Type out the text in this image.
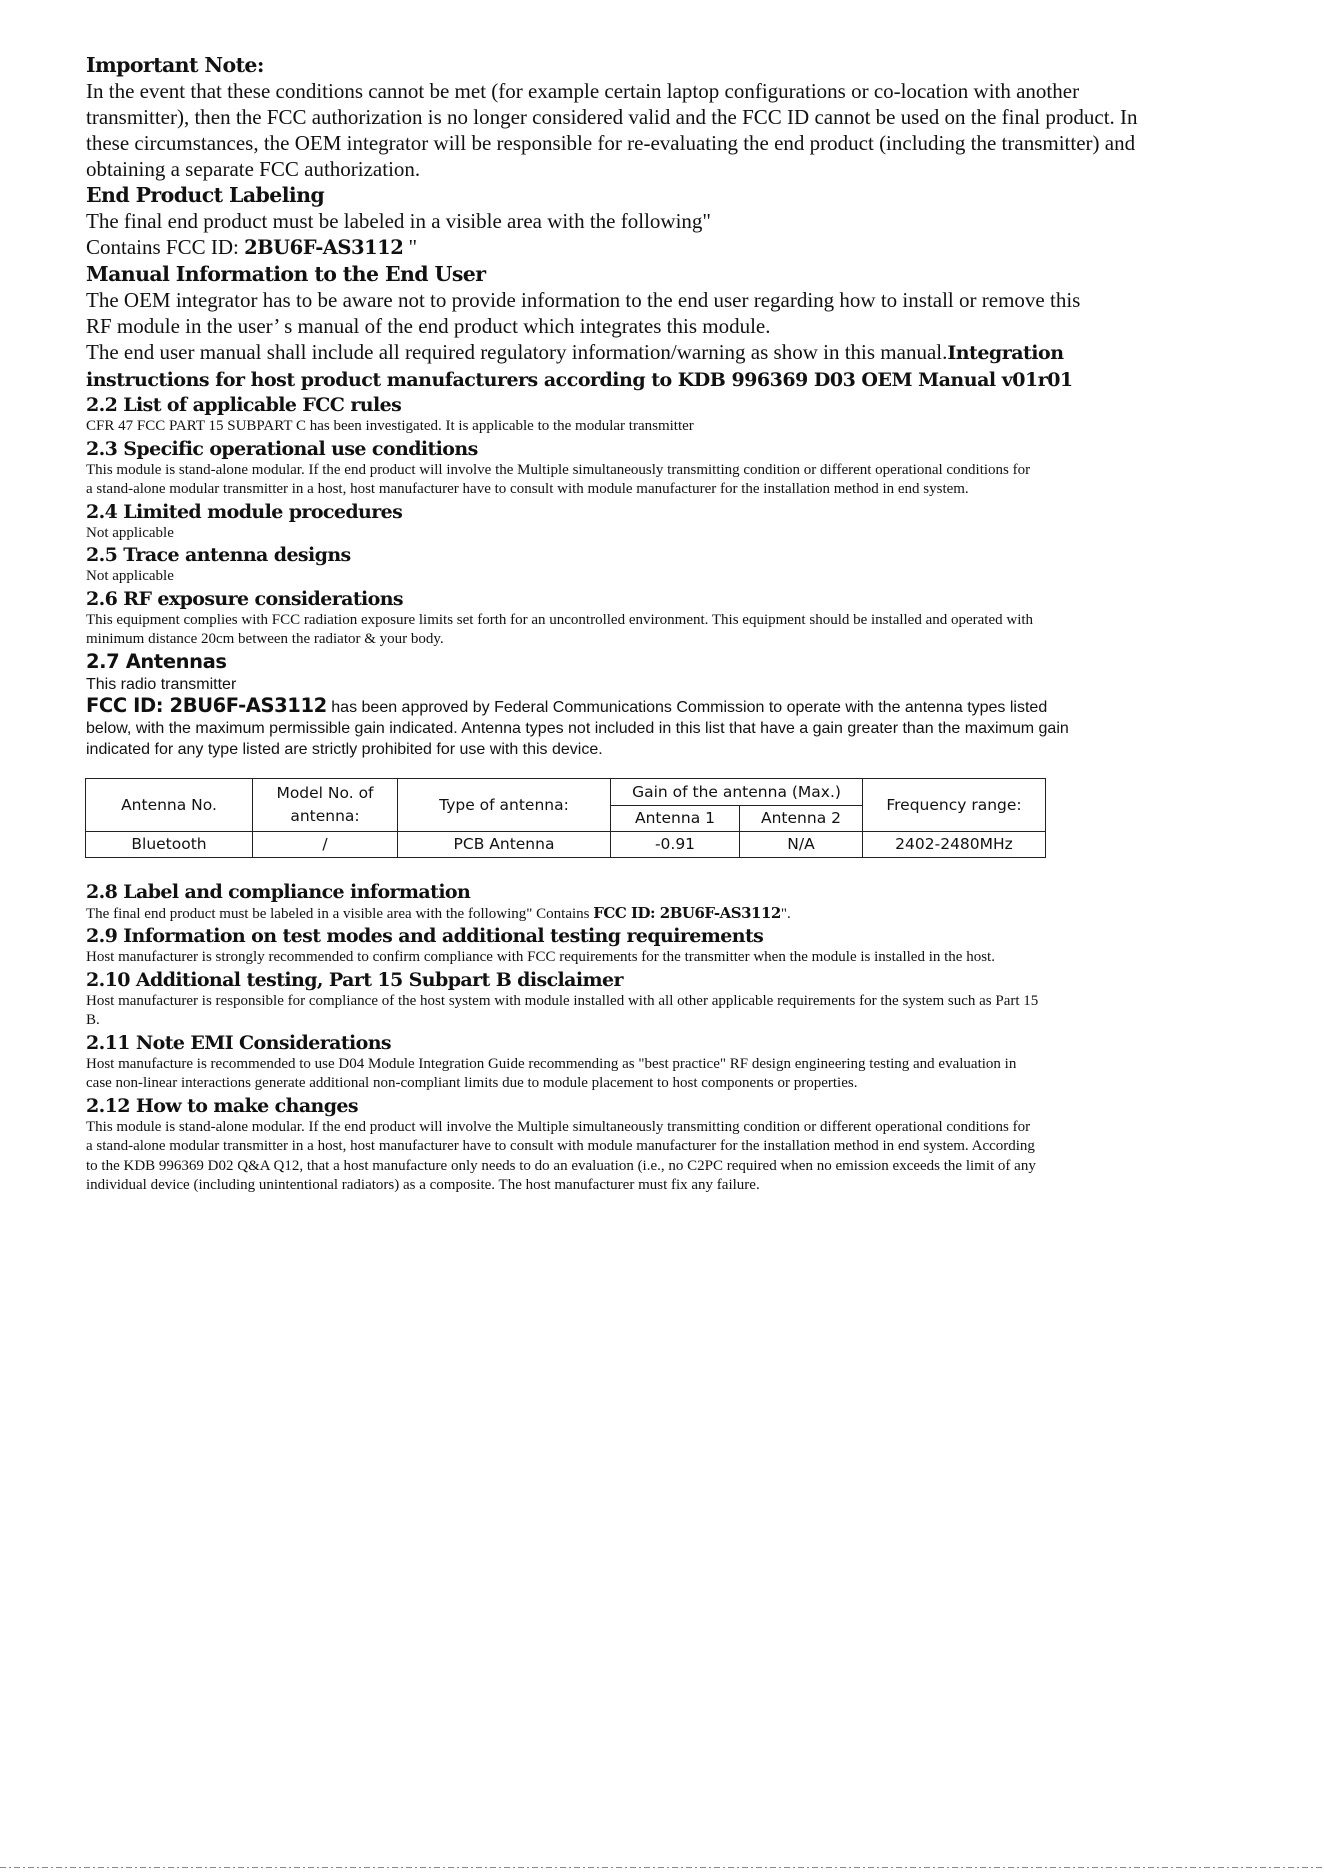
Important Note:

In the event that these conditions cannot be met (for example certain laptop configurations or co-location with another transmitter), then the FCC authorization is no longer considered valid and the FCC ID cannot be used on the final product. In these circumstances, the OEM integrator will be responsible for re-evaluating the end product (including the transmitter) and obtaining a separate FCC authorization.

End Product Labeling

The final end product must be labeled in a visible area with the following"

Contains FCC ID: 2BU6F-AS3112 "

Manual Information to the End User

The OEM integrator has to be aware not to provide information to the end user regarding how to install or remove this RF module in the user’ s manual of the end product which integrates this module.

The end user manual shall include all required regulatory information/warning as show in this manual.Integration instructions for host product manufacturers according to KDB 996369 D03 OEM Manual v01r01

2.2 List of applicable FCC rules

CFR 47 FCC PART 15 SUBPART C has been investigated. It is applicable to the modular transmitter

2.3 Specific operational use conditions

This module is stand-alone modular. If the end product will involve the Multiple simultaneously transmitting condition or different operational conditions for a stand-alone modular transmitter in a host, host manufacturer have to consult with module manufacturer for the installation method in end system.

2.4 Limited module procedures

Not applicable

2.5 Trace antenna designs

Not applicable

2.6 RF exposure considerations

This equipment complies with FCC radiation exposure limits set forth for an uncontrolled environment. This equipment should be installed and operated with minimum distance 20cm between the radiator & your body.

2.7 Antennas

This radio transmitter

FCC ID: 2BU6F-AS3112 has been approved by Federal Communications Commission to operate with the antenna types listed below, with the maximum permissible gain indicated. Antenna types not included in this list that have a gain greater than the maximum gain indicated for any type listed are strictly prohibited for use with this device.

Antenna No.	Model No. of antenna:	Type of antenna:	Gain of the antenna (Max.)		Frequency range:
			Antenna 1	Antenna 2	
Bluetooth	/	PCB Antenna	-0.91	N/A	2402-2480MHz
2.8 Label and compliance information

The final end product must be labeled in a visible area with the following" Contains FCC ID: 2BU6F-AS3112".

2.9 Information on test modes and additional testing requirements

Host manufacturer is strongly recommended to confirm compliance with FCC requirements for the transmitter when the module is installed in the host.

2.10 Additional testing, Part 15 Subpart B disclaimer

Host manufacturer is responsible for compliance of the host system with module installed with all other applicable requirements for the system such as Part 15 B.

2.11 Note EMI Considerations

Host manufacture is recommended to use D04 Module Integration Guide recommending as "best practice" RF design engineering testing and evaluation in case non-linear interactions generate additional non-compliant limits due to module placement to host components or properties.

2.12 How to make changes

This module is stand-alone modular. If the end product will involve the Multiple simultaneously transmitting condition or different operational conditions for a stand-alone modular transmitter in a host, host manufacturer have to consult with module manufacturer for the installation method in end system. According to the KDB 996369 D02 Q&A Q12, that a host manufacture only needs to do an evaluation (i.e., no C2PC required when no emission exceeds the limit of any individual device (including unintentional radiators) as a composite. The host manufacturer must fix any failure.
